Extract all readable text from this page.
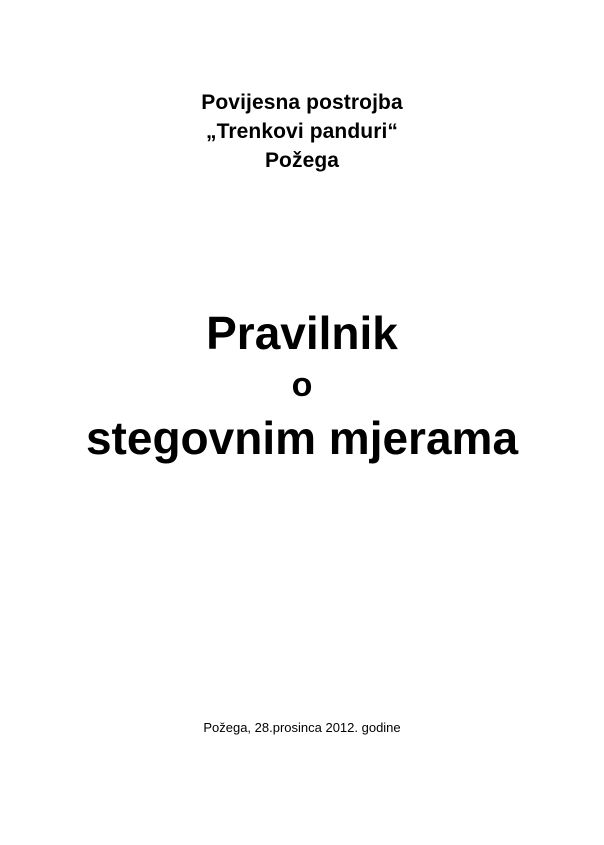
Povijesna postrojba
„Trenkovi panduri“
Požega
Pravilnik
o
stegovnim mjerama
Požega, 28.prosinca 2012. godine
